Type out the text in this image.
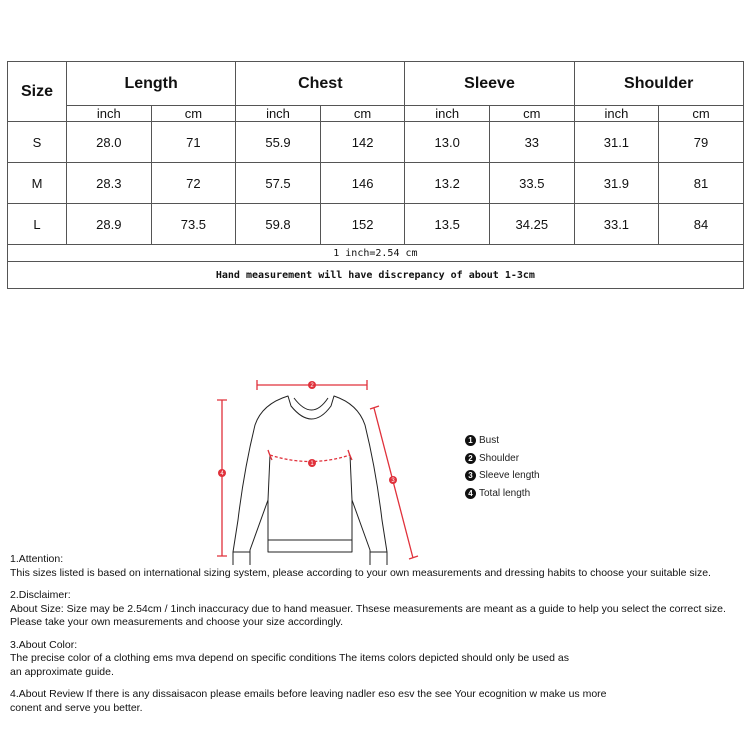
Size	Length		Chest		Sleeve		Shoulder	
	inch	cm	inch	cm	inch	cm	inch	cm
S	28.0	71	55.9	142	13.0	33	31.1	79
M	28.3	72	57.5	146	13.2	33.5	31.9	81
L	28.9	73.5	59.8	152	13.5	34.25	33.1	84
1 inch=2.54 cm								
Hand measurement will have discrepancy of about 1-3cm								
2
1
3
4
1 Bust
2 Shoulder
3 Sleeve length
4 Total length

1.Attention:

This sizes listed is based on international sizing system, please according to your own measurements and dressing habits to choose your suitable size.

2.Disclaimer:

About Size: Size may be 2.54cm / 1inch inaccuracy due to hand measuer. Thsese measurements are meant as a guide to help you select the correct size.

Please take your own measurements and choose your size accordingly.

3.About Color:

The precise color of a clothing ems mva depend on specific conditions The items colors depicted should only be used as

an approximate guide.

4.About Review If there is any dissaisacon please emails before leaving nadler eso esv the see Your ecognition w make us more

conent and serve you better.
